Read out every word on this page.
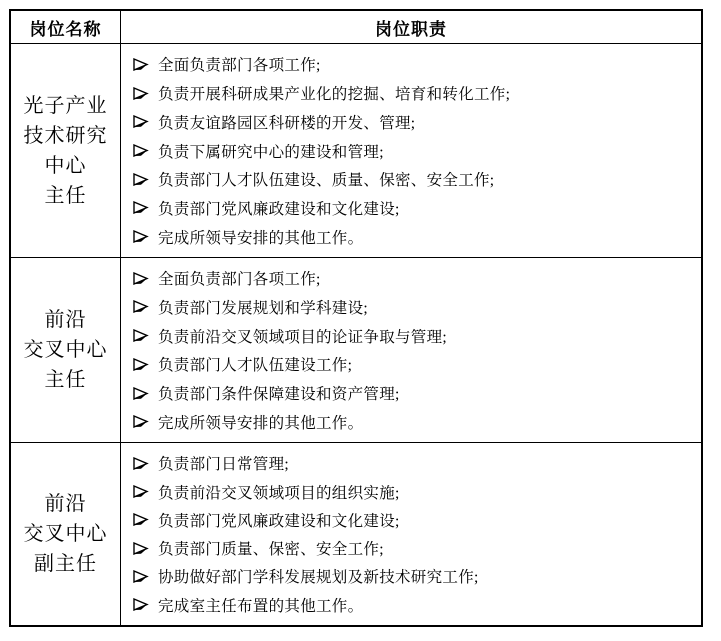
岗位名称	岗位职责
光子产业
技术研究
中心
主任
全面负责部门各项工作;
负责开展科研成果产业化的挖掘、培育和转化工作;
负责友谊路园区科研楼的开发、管理;
负责下属研究中心的建设和管理;
负责部门人才队伍建设、质量、保密、安全工作;
负责部门党风廉政建设和文化建设;
完成所领导安排的其他工作。
前沿
交叉中心
主任
全面负责部门各项工作;
负责部门发展规划和学科建设;
负责前沿交叉领域项目的论证争取与管理;
负责部门人才队伍建设工作;
负责部门条件保障建设和资产管理;
完成所领导安排的其他工作。
前沿
交叉中心
副主任
负责部门日常管理;
负责前沿交叉领域项目的组织实施;
负责部门党风廉政建设和文化建设;
负责部门质量、保密、安全工作;
协助做好部门学科发展规划及新技术研究工作;
完成室主任布置的其他工作。
